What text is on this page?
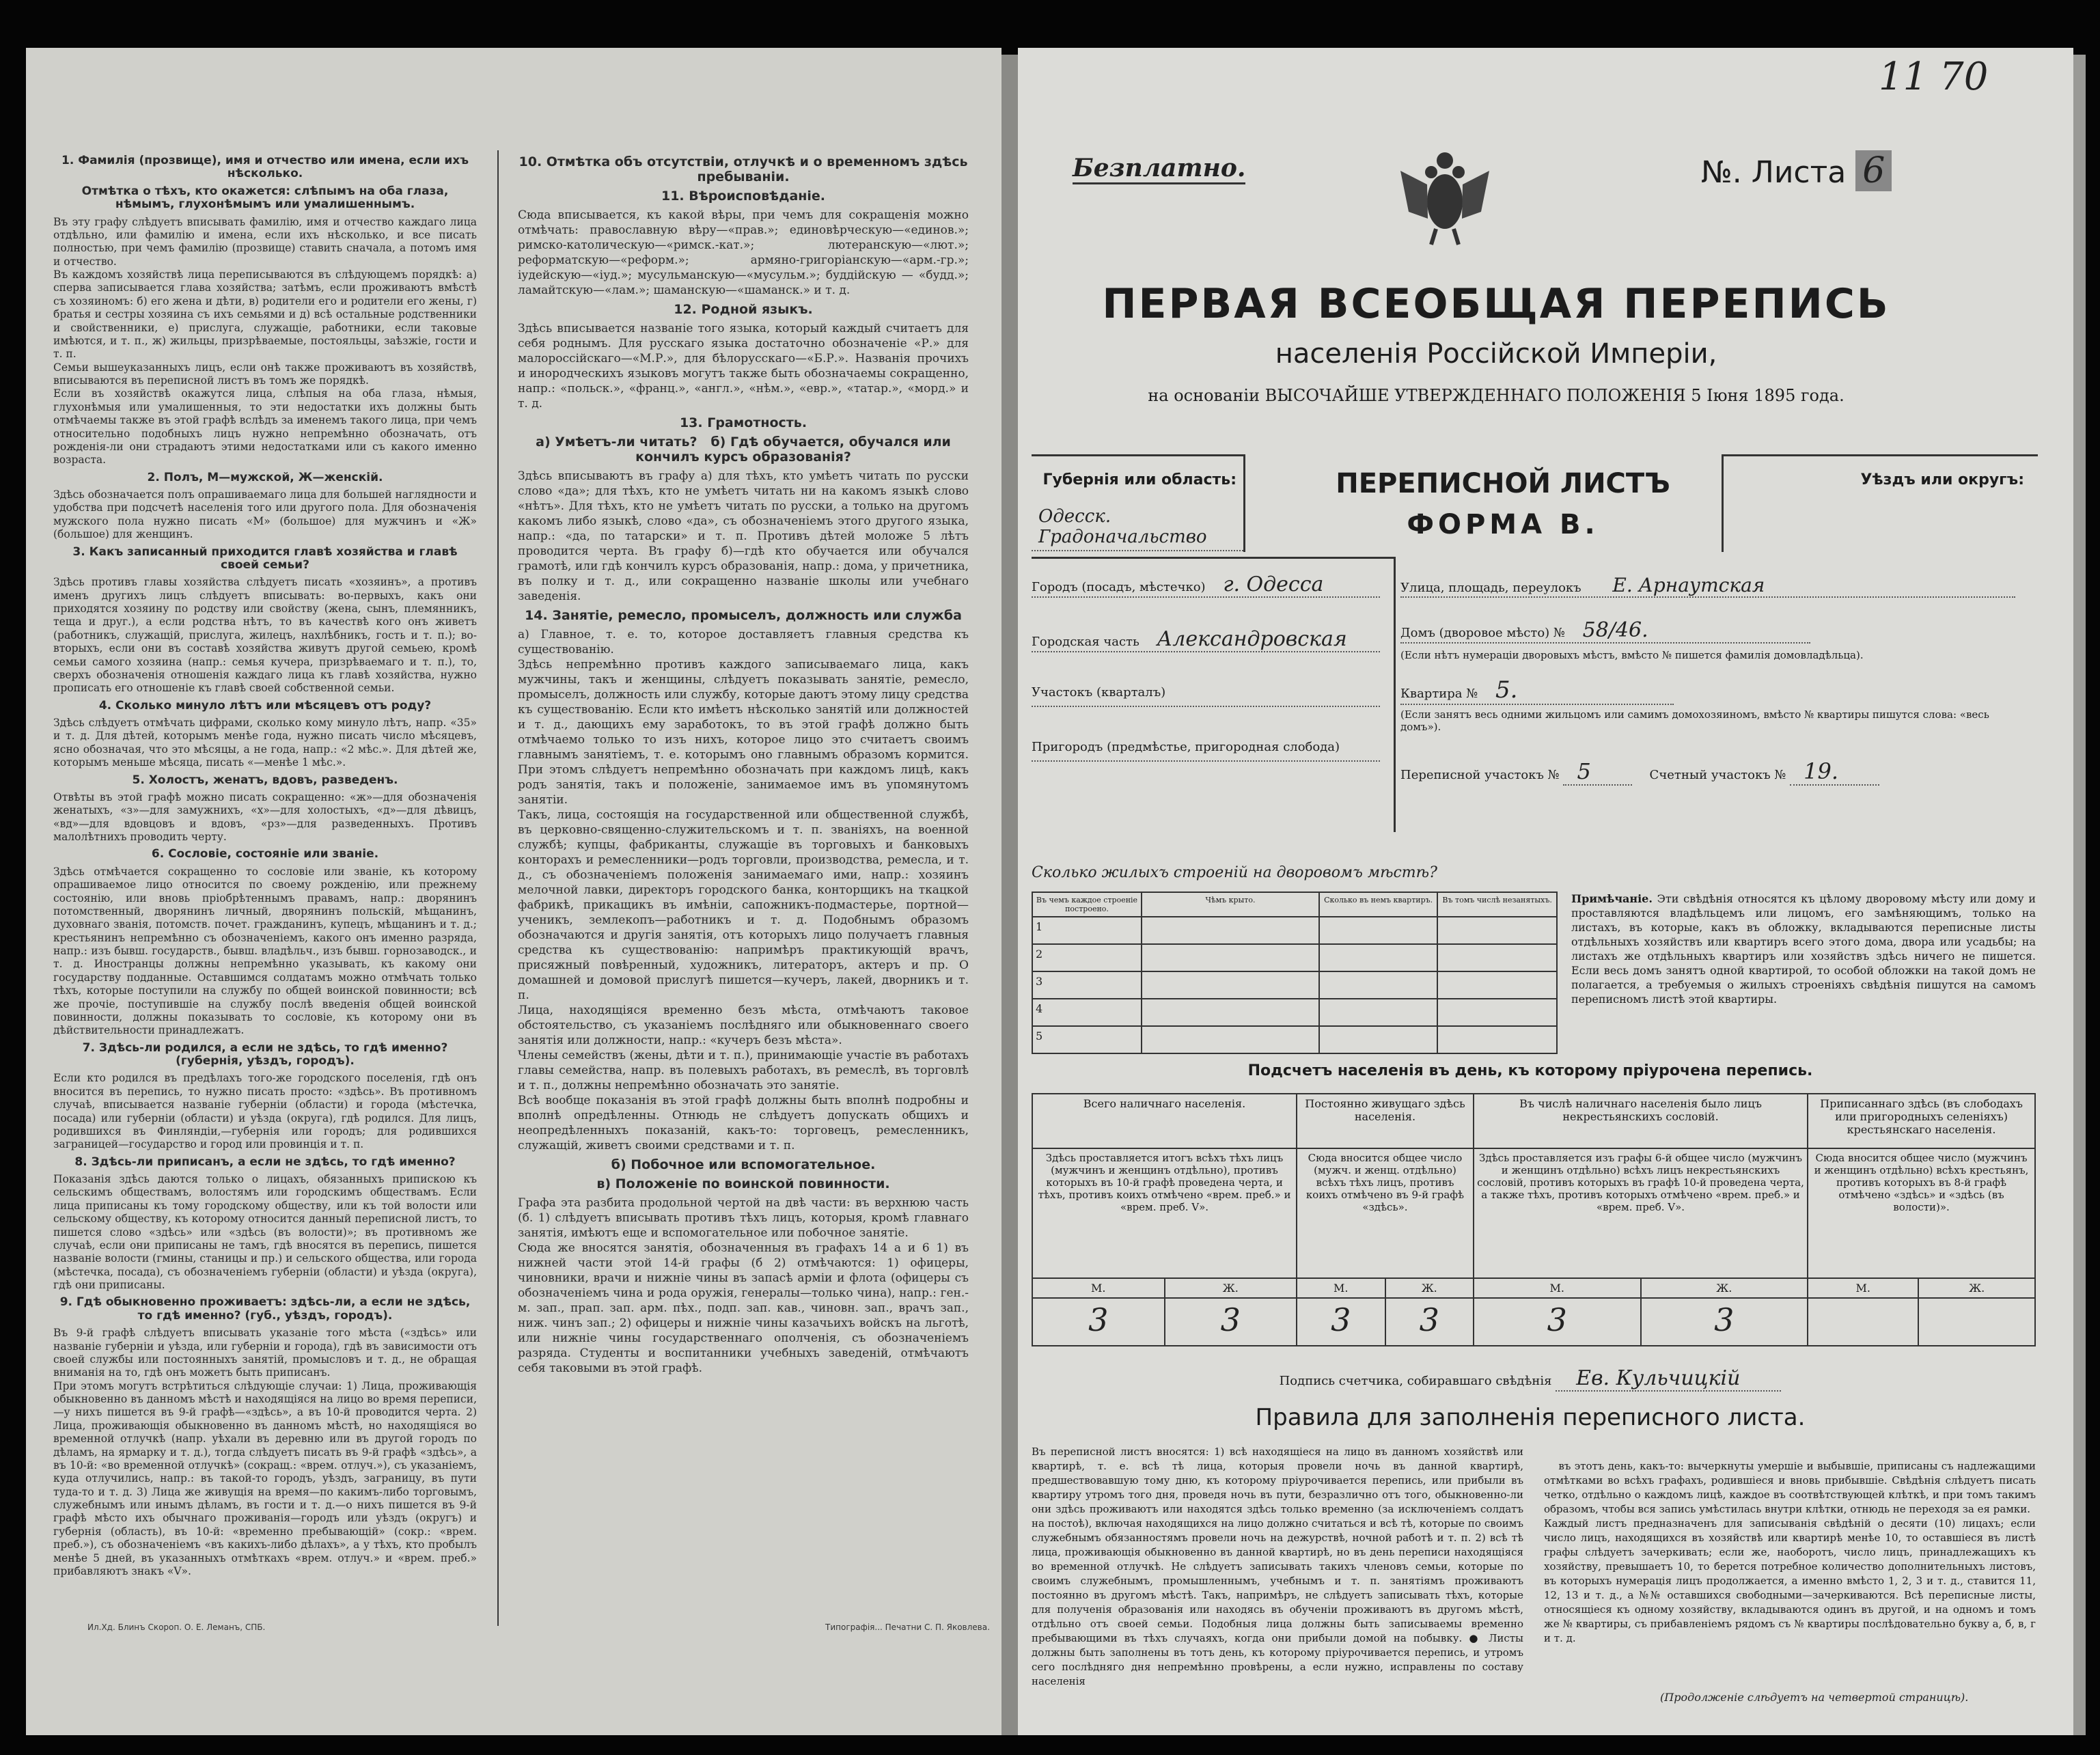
1. Фамилія (прозвище), имя и отчество или имена, если ихъ нѣсколько.
Отмѣтка о тѣхъ, кто окажется: слѣпымъ на оба глаза, нѣмымъ, глухонѣмымъ или умалишеннымъ.

Въ эту графу слѣдуетъ вписывать фамилію, имя и отчество каждаго лица отдѣльно, или фамилію и имена, если ихъ нѣсколько, и все писать полностью, при чемъ фамилію (прозвище) ставить сначала, а потомъ имя и отчество.
Въ каждомъ хозяйствѣ лица переписываются въ слѣдующемъ порядкѣ: а) сперва записывается глава хозяйства; затѣмъ, если проживаютъ вмѣстѣ съ хозяиномъ: б) его жена и дѣти, в) родители его и родители его жены, г) братья и сестры хозяина съ ихъ семьями и д) всѣ остальные родственники и свойственники, е) прислуга, служащіе, работники, если таковые имѣются, и т. п., ж) жильцы, призрѣваемые, постояльцы, заѣзжіе, гости и т. п.
Семьи вышеуказанныхъ лицъ, если онѣ также проживаютъ въ хозяйствѣ, вписываются въ переписной листъ въ томъ же порядкѣ.
Если въ хозяйствѣ окажутся лица, слѣпыя на оба глаза, нѣмыя, глухонѣмыя или умалишенныя, то эти недостатки ихъ должны быть отмѣчаемы также въ этой графѣ вслѣдъ за именемъ такого лица, при чемъ относительно подобныхъ лицъ нужно непремѣнно обозначать, отъ рожденія-ли они страдаютъ этими недостатками или съ какого именно возраста.

2. Полъ, М—мужской, Ж—женскій.

Здѣсь обозначается полъ опрашиваемаго лица для большей наглядности и удобства при подсчетѣ населенія того или другого пола. Для обозначенія мужского пола нужно писать «М» (большое) для мужчинъ и «Ж» (большое) для женщинъ.

3. Какъ записанный приходится главѣ хозяйства и главѣ своей семьи?

Здѣсь противъ главы хозяйства слѣдуетъ писать «хозяинъ», а противъ именъ другихъ лицъ слѣдуетъ вписывать: во-первыхъ, какъ они приходятся хозяину по родству или свойству (жена, сынъ, племянникъ, теща и друг.), а если родства нѣтъ, то въ качествѣ кого онъ живетъ (работникъ, служащій, прислуга, жилецъ, нахлѣбникъ, гость и т. п.); во-вторыхъ, если они въ составѣ хозяйства живутъ другой семьею, кромѣ семьи самого хозяина (напр.: семья кучера, призрѣваемаго и т. п.), то, сверхъ обозначенія отношенія каждаго лица къ главѣ хозяйства, нужно прописать его отношеніе къ главѣ своей собственной семьи.

4. Сколько минуло лѣтъ или мѣсяцевъ отъ роду?

Здѣсь слѣдуетъ отмѣчать цифрами, сколько кому минуло лѣтъ, напр. «35» и т. д. Для дѣтей, которымъ менѣе года, нужно писать число мѣсяцевъ, ясно обозначая, что это мѣсяцы, а не года, напр.: «2 мѣс.». Для дѣтей же, которымъ меньше мѣсяца, писать «—менѣе 1 мѣс.».

5. Холостъ, женатъ, вдовъ, разведенъ.

Отвѣты въ этой графѣ можно писать сокращенно: «ж»—для обозначенія женатыхъ, «з»—для замужнихъ, «х»—для холостыхъ, «д»—для дѣвицъ, «вд»—для вдовцовъ и вдовъ, «рз»—для разведенныхъ. Противъ малолѣтнихъ проводить черту.

6. Сословіе, состояніе или званіе.

Здѣсь отмѣчается сокращенно то сословіе или званіе, къ которому опрашиваемое лицо относится по своему рожденію, или прежнему состоянію, или вновь пріобрѣтеннымъ правамъ, напр.: дворянинъ потомственный, дворянинъ личный, дворянинъ польскій, мѣщанинъ, духовнаго званія, потомств. почет. гражданинъ, купецъ, мѣщанинъ и т. д.; крестьянинъ непремѣнно съ обозначеніемъ, какого онъ именно разряда, напр.: изъ бывш. государств., бывш. владѣльч., изъ бывш. горнозаводск., и т. д. Иностранцы должны непремѣнно указывать, къ какому они государству подданные. Оставшимся солдатамъ можно отмѣчать только тѣхъ, которые поступили на службу по общей воинской повинности; всѣ же прочіе, поступившіе на службу послѣ введенія общей воинской повинности, должны показывать то сословіе, къ которому они въ дѣйствительности принадлежатъ.

7. Здѣсь-ли родился, а если не здѣсь, то гдѣ именно? (губернія, уѣздъ, городъ).

Если кто родился въ предѣлахъ того-же городского поселенія, гдѣ онъ вносится въ перепись, то нужно писать просто: «здѣсь». Въ противномъ случаѣ, вписывается названіе губерніи (области) и города (мѣстечка, посада) или губерніи (области) и уѣзда (округа), гдѣ родился. Для лицъ, родившихся въ Финляндіи,—губернія или городъ; для родившихся заграницей—государство и город или провинція и т. п.

8. Здѣсь-ли приписанъ, а если не здѣсь, то гдѣ именно?

Показанія здѣсь даются только о лицахъ, обязанныхъ припискою къ сельскимъ обществамъ, волостямъ или городскимъ обществамъ. Если лица приписаны къ тому городскому обществу, или къ той волости или сельскому обществу, къ которому относится данный переписной листъ, то пишется слово «здѣсь» или «здѣсь (въ волости)»; въ противномъ же случаѣ, если они приписаны не тамъ, гдѣ вносятся въ перепись, пишется названіе волости (гмины, станицы и пр.) и сельского общества, или города (мѣстечка, посада), съ обозначеніемъ губерніи (области) и уѣзда (округа), гдѣ они приписаны.

9. Гдѣ обыкновенно проживаетъ: здѣсь-ли, а если не здѣсь, то гдѣ именно? (губ., уѣздъ, городъ).

Въ 9-й графѣ слѣдуетъ вписывать указаніе того мѣста («здѣсь» или названіе губерніи и уѣзда, или губерніи и города), гдѣ въ зависимости отъ своей службы или постоянныхъ занятій, промысловъ и т. д., не обращая вниманія на то, гдѣ онъ можетъ быть приписанъ.
При этомъ могутъ встрѣтиться слѣдующіе случаи: 1) Лица, проживающія обыкновенно въ данномъ мѣстѣ и находящіяся на лицо во время переписи,—у нихъ пишется въ 9-й графѣ—«здѣсь», а въ 10-й проводится черта. 2) Лица, проживающія обыкновенно въ данномъ мѣстѣ, но находящіяся во временной отлучкѣ (напр. уѣхали въ деревню или въ другой городъ по дѣламъ, на ярмарку и т. д.), тогда слѣдуетъ писать въ 9-й графѣ «здѣсь», а въ 10-й: «во временной отлучкѣ» (сокращ.: «врем. отлуч.»), съ указаніемъ, куда отлучились, напр.: въ такой-то городъ, уѣздъ, заграницу, въ пути туда-то и т. д. 3) Лица же живущія на время—по какимъ-либо торговымъ, служебнымъ или инымъ дѣламъ, въ гости и т. д.—о нихъ пишется въ 9-й графѣ мѣсто ихъ обычнаго проживанія—городъ или уѣздъ (округъ) и губернія (область), въ 10-й: «временно пребывающій» (сокр.: «врем. преб.»), съ обозначеніемъ «въ какихъ-либо дѣлахъ», а у тѣхъ, кто пробылъ менѣе 5 дней, въ указанныхъ отмѣткахъ «врем. отлуч.» и «врем. преб.» прибавляютъ знакъ «V».

10. Отмѣтка объ отсутствіи, отлучкѣ и о временномъ здѣсь пребываніи.
11. Вѣроисповѣданіе.

Сюда вписывается, къ какой вѣры, при чемъ для сокращенія можно отмѣчать: православную вѣру—«прав.»; единовѣрческую—«единов.»; римско-католическую—«римск.-кат.»; лютеранскую—«лют.»; реформатскую—«реформ.»; армяно-григоріанскую—«арм.-гр.»; іудейскую—«іуд.»; мусульманскую—«мусульм.»; буддійскую — «будд.»; ламайтскую—«лам.»; шаманскую—«шаманск.» и т. д.

12. Родной языкъ.

Здѣсь вписывается названіе того языка, который каждый считаетъ для себя роднымъ. Для русскаго языка достаточно обозначеніе «Р.» для малороссійскаго—«М.Р.», для бѣлорусскаго—«Б.Р.». Названія прочихъ и инородческихъ языковъ могутъ также быть обозначаемы сокращенно, напр.: «польск.», «франц.», «англ.», «нѣм.», «евр.», «татар.», «морд.» и т. д.

13. Грамотность.
а) Умѣетъ-ли читать?   б) Гдѣ обучается, обучался или кончилъ курсъ образованія?

Здѣсь вписываютъ въ графу а) для тѣхъ, кто умѣетъ читать по русски слово «да»; для тѣхъ, кто не умѣетъ читать ни на какомъ языкѣ слово «нѣтъ». Для тѣхъ, кто не умѣетъ читать по русски, а только на другомъ какомъ либо языкѣ, слово «да», съ обозначеніемъ этого другого языка, напр.: «да, по татарски» и т. п. Противъ дѣтей моложе 5 лѣтъ проводится черта. Въ графу б)—гдѣ кто обучается или обучался грамотѣ, или гдѣ кончилъ курсъ образованія, напр.: дома, у причетника, въ полку и т. д., или сокращенно названіе школы или учебнаго заведенія.

14. Занятіе, ремесло, промыселъ, должность или служба

а) Главное, т. е. то, которое доставляетъ главныя средства къ существованію.
Здѣсь непремѣнно противъ каждого записываемаго лица, какъ мужчины, такъ и женщины, слѣдуетъ показывать занятіе, ремесло, промыселъ, должность или службу, которые даютъ этому лицу средства къ существованію. Если кто имѣетъ нѣсколько занятій или должностей и т. д., дающихъ ему заработокъ, то въ этой графѣ должно быть отмѣчаемо только то изъ нихъ, которое лицо это считаетъ своимъ главнымъ занятіемъ, т. е. которымъ оно главнымъ образомъ кормится. При этомъ слѣдуетъ непремѣнно обозначать при каждомъ лицѣ, какъ родъ занятія, такъ и положеніе, занимаемое имъ въ упомянутомъ занятіи.
Такъ, лица, состоящія на государственной или общественной службѣ, въ церковно-священно-служительскомъ и т. п. званіяхъ, на военной службѣ; купцы, фабриканты, служащіе въ торговыхъ и банковыхъ конторахъ и ремесленники—родъ торговли, производства, ремесла, и т. д., съ обозначеніемъ положенія занимаемаго ими, напр.: хозяинъ мелочной лавки, директоръ городского банка, конторщикъ на ткацкой фабрикѣ, прикащикъ въ имѣніи, сапожникъ-подмастерье, портной—ученикъ, землекопъ—работникъ и т. д. Подобнымъ образомъ обозначаются и другія занятія, отъ которыхъ лицо получаетъ главныя средства къ существованію: напримѣръ практикующій врачъ, присяжный повѣренный, художникъ, литераторъ, актеръ и пр. О домашней и домовой прислугѣ пишется—кучеръ, лакей, дворникъ и т. п.
Лица, находящіяся временно безъ мѣста, отмѣчаютъ таковое обстоятельство, съ указаніемъ послѣдняго или обыкновеннаго своего занятія или должности, напр.: «кучеръ безъ мѣста».
Члены семействъ (жены, дѣти и т. п.), принимающіе участіе въ работахъ главы семейства, напр. въ полевыхъ работахъ, въ ремеслѣ, въ торговлѣ и т. п., должны непремѣнно обозначать это занятіе.
Всѣ вообще показанія въ этой графѣ должны быть вполнѣ подробны и вполнѣ опредѣленны. Отнюдь не слѣдуетъ допускать общихъ и неопредѣленныхъ показаній, какъ-то: торговецъ, ремесленникъ, служащій, живетъ своими средствами и т. п.

б) Побочное или вспомогательное.
в) Положеніе по воинской повинности.

Графа эта разбита продольной чертой на двѣ части: въ верхнюю часть (б. 1) слѣдуетъ вписывать противъ тѣхъ лицъ, которыя, кромѣ главнаго занятія, имѣютъ еще и вспомогательное или побочное занятіе.
Сюда же вносятся занятія, обозначенныя въ графахъ 14 а и 6 1) въ нижней части этой 14-й графы (б 2) отмѣчаются: 1) офицеры, чиновники, врачи и нижніе чины въ запасѣ арміи и флота (офицеры съ обозначеніемъ чина и рода оружія, генералы—только чина), напр.: ген.-м. зап., прап. зап. арм. пѣх., подп. зап. кав., чиновн. зап., врачъ зап., ниж. чинъ зап.; 2) офицеры и нижніе чины казачьихъ войскъ на льготѣ, или нижніе чины государственнаго ополченія, съ обозначеніемъ разряда. Студенты и воспитанники учебныхъ заведеній, отмѣчаютъ себя таковыми въ этой графѣ.

Ил.Хд. Блинъ Скороп. О. Е. Леманъ, СПБ.	Типографія... Печатни С. П. Яковлева.
Безплатно.
11 70
№. Листа 6
ПЕРВАЯ ВСЕОБЩАЯ ПЕРЕПИСЬ
населенія Россійской Имперіи,
на основаніи ВЫСОЧАЙШЕ УТВЕРЖДЕННАГО ПОЛОЖЕНІЯ 5 Іюня 1895 года.
Губернія или область:
Одесск. Градоначальство
ПЕРЕПИСНОЙ ЛИСТЪ
ФОРМА В.
Уѣздъ или округъ:
Городъ (посадъ, мѣстечко) г. Одесса
Городская часть Александровская
Участокъ (кварталъ)
Пригородъ (предмѣстье, пригородная слобода)
Улица, площадь, переулокъ Е. Арнаутская
Домъ (дворовое мѣсто) № 58/46.
(Если нѣтъ нумераціи дворовыхъ мѣстъ, вмѣсто № пишется фамилія домовладѣльца).
Квартира № 5.
(Если занятъ весь одними жильцомъ или самимъ домохозяиномъ, вмѣсто № квартиры пишутся слова: «весь домъ»).
Переписной участокъ № 5	Счетный участокъ № 19.
Сколько жилыхъ строеній на дворовомъ мѣстѣ?
Въ чемъ каждое строеніе построено.	Чѣмъ крыто.	Сколько въ немъ квартиръ.	Въ томъ числѣ незанятыхъ.
1			
2			
3			
4			
5			
Примѣчаніе. Эти свѣдѣнія относятся къ цѣлому дворовому мѣсту или дому и проставляются владѣльцемъ или лицомъ, его замѣняющимъ, только на листахъ, въ которые, какъ въ обложку, вкладываются переписные листы отдѣльныхъ хозяйствъ или квартиръ всего этого дома, двора или усадьбы; на листахъ же отдѣльныхъ квартиръ или хозяйствъ здѣсь ничего не пишется. Если весь домъ занятъ одной квартирой, то особой обложки на такой домъ не полагается, а требуемыя о жилыхъ строеніяхъ свѣдѣнія пишутся на самомъ переписномъ листѣ этой квартиры.
Подсчетъ населенія въ день, къ которому пріурочена перепись.
Всего наличнаго населенія.		Постоянно живущаго здѣсь населенія.		Въ числѣ наличнаго населенія было лицъ некрестьянскихъ сословій.		Приписаннаго здѣсь (въ слободахъ или пригородныхъ селеніяхъ) крестьянскаго населенія.	
Здѣсь проставляется итогъ всѣхъ тѣхъ лицъ (мужчинъ и женщинъ отдѣльно), противъ которыхъ въ 10-й графѣ проведена черта, и тѣхъ, противъ коихъ отмѣчено «врем. преб.» и «врем. преб. V».		Сюда вносится общее число (мужч. и женщ. отдѣльно) всѣхъ тѣхъ лицъ, противъ коихъ отмѣчено въ 9-й графѣ «здѣсь».		Здѣсь проставляется изъ графы 6-й общее число (мужчинъ и женщинъ отдѣльно) всѣхъ лицъ некрестьянскихъ сословій, противъ которыхъ въ графѣ 10-й проведена черта, а также тѣхъ, противъ которыхъ отмѣчено «врем. преб.» и «врем. преб. V».		Сюда вносится общее число (мужчинъ и женщинъ отдѣльно) всѣхъ крестьянъ, противъ которыхъ въ 8-й графѣ отмѣчено «здѣсь» и «здѣсь (въ волости)».	
М.	Ж.	М.	Ж.	М.	Ж.	М.	Ж.
3	3	3	3	3	3		
Подпись счетчика, собиравшаго свѣдѣнія Ев. Кульчицкій
Правила для заполненія переписного листа.
Въ переписной листъ вносятся: 1) всѣ находящіеся на лицо въ данномъ хозяйствѣ или квартирѣ, т. е. всѣ тѣ лица, которыя провели ночь въ данной квартирѣ, предшествовавшую тому дню, къ которому пріурочивается перепись, или прибыли въ квартиру утромъ того дня, проведя ночь въ пути, безразлично отъ того, обыкновенно-ли они здѣсь проживаютъ или находятся здѣсь только временно (за исключеніемъ солдатъ на постоѣ), включая находящихся на лицо должно считаться и всѣ тѣ, которые по своимъ служебнымъ обязанностямъ провели ночь на дежурствѣ, ночной работѣ и т. п. 2) всѣ тѣ лица, проживающія обыкновенно въ данной квартирѣ, но въ день переписи находящіяся во временной отлучкѣ. Не слѣдуетъ записывать такихъ членовъ семьи, которые по своимъ служебнымъ, промышленнымъ, учебнымъ и т. п. занятіямъ проживаютъ постоянно въ другомъ мѣстѣ. Такъ, напримѣръ, не слѣдуетъ записывать тѣхъ, которые для полученія образованія или находясь въ обученіи проживаютъ въ другомъ мѣстѣ, отдѣльно отъ своей семьи. Подобныя лица должны быть записываемы временно пребывающими въ тѣхъ случаяхъ, когда они прибыли домой на побывку. ● Листы должны быть заполнены въ тотъ день, къ которому пріурочивается перепись, и утромъ сего послѣдняго дня непремѣнно провѣрены, а если нужно, исправлены по составу населенія

въ этотъ день, какъ-то: вычеркнуты умершіе и выбывшіе, приписаны съ надлежащими отмѣтками во всѣхъ графахъ, родившіеся и вновь прибывшіе. Свѣдѣнія слѣдуетъ писать четко, отдѣльно о каждомъ лицѣ, каждое въ соотвѣтствующей клѣткѣ, и при томъ такимъ образомъ, чтобы вся запись умѣстилась внутри клѣтки, отнюдь не переходя за ея рамки.
Каждый листъ предназначенъ для записыванія свѣдѣній о десяти (10) лицахъ; если число лицъ, находящихся въ хозяйствѣ или квартирѣ менѣе 10, то оставшіеся въ листѣ графы слѣдуетъ зачеркивать; если же, наоборотъ, число лицъ, принадлежащихъ къ хозяйству, превышаетъ 10, то берется потребное количество дополнительныхъ листовъ, въ которыхъ нумерація лицъ продолжается, а именно вмѣсто 1, 2, 3 и т. д., ставится 11, 12, 13 и т. д., а №№ оставшихся свободными—зачеркиваются. Всѣ переписные листы, относящіеся къ одному хозяйству, вкладываются одинъ въ другой, и на одномъ и томъ же № квартиры, съ прибавленіемъ рядомъ съ № квартиры послѣдовательно букву а, б, в, г и т. д.

(Продолженіе слѣдуетъ на четвертой страницѣ).
